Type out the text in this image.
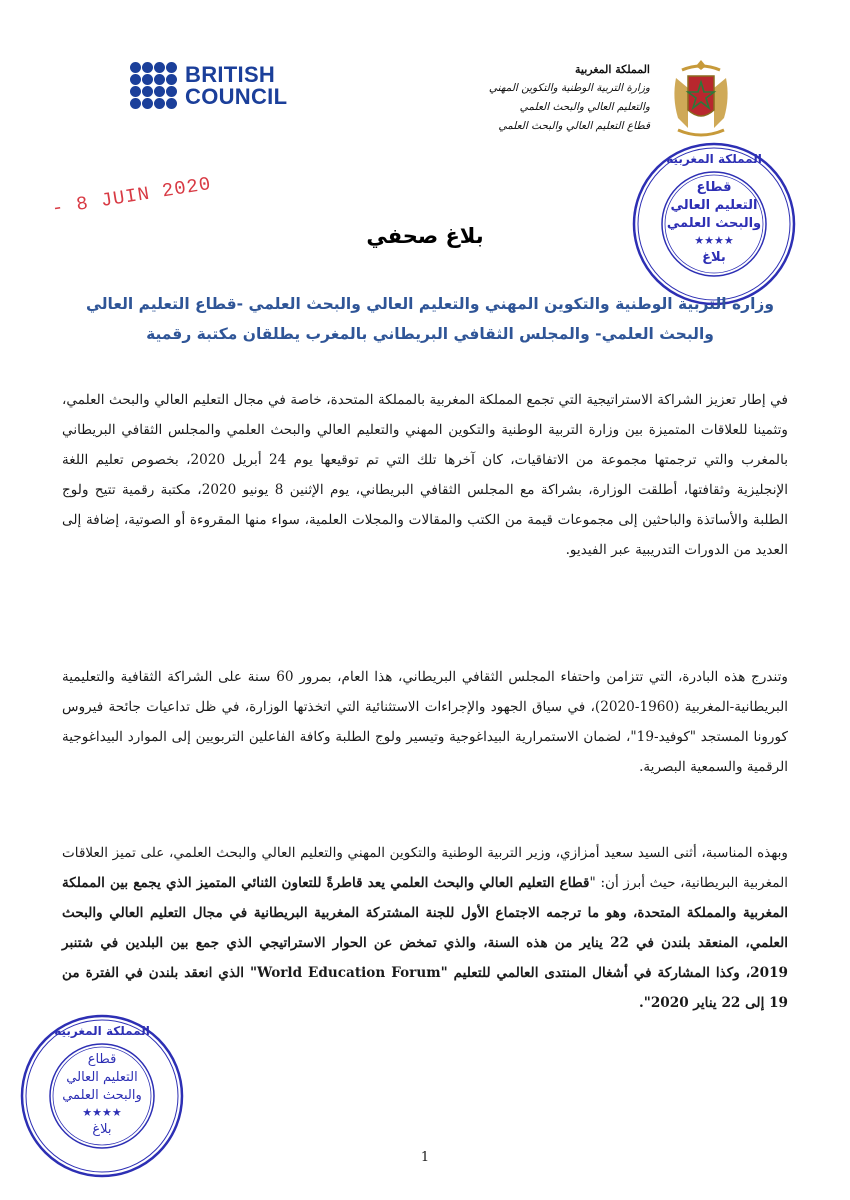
BRITISH
COUNCIL
المملكة المغربية
وزارة التربية الوطنية والتكوين المهني
والتعليم العالي والبحث العلمي
قطاع التعليم العالي والبحث العلمي
المملكة المغربية
قطاع
التعليم العالي
والبحث العلمي
★★★★
بلاغ
المملكة المغربية
قطاع
التعليم العالي
والبحث العلمي
★★★★
بلاغ
- 8 JUIN 2020
بلاغ صحفي
وزارة التربية الوطنية والتكوين المهني والتعليم العالي والبحث العلمي -قطاع التعليم العالي والبحث العلمي- والمجلس الثقافي البريطاني بالمغرب يطلقان مكتبة رقمية

في إطار تعزيز الشراكة الاستراتيجية التي تجمع المملكة المغربية بالمملكة المتحدة، خاصة في مجال التعليم العالي والبحث العلمي، وتثمينا للعلاقات المتميزة بين وزارة التربية الوطنية والتكوين المهني والتعليم العالي والبحث العلمي والمجلس الثقافي البريطاني بالمغرب والتي ترجمتها مجموعة من الاتفاقيات، كان آخرها تلك التي تم توقيعها يوم 24 أبريل 2020، بخصوص تعليم اللغة الإنجليزية وثقافتها، أطلقت الوزارة، بشراكة مع المجلس الثقافي البريطاني، يوم الإثنين 8 يونيو 2020، مكتبة رقمية تتيح ولوج الطلبة والأساتذة والباحثين إلى مجموعات قيمة من الكتب والمقالات والمجلات العلمية، سواء منها المقروءة أو الصوتية، إضافة إلى العديد من الدورات التدريبية عبر الفيديو.

وتندرج هذه البادرة، التي تتزامن واحتفاء المجلس الثقافي البريطاني، هذا العام، بمرور 60 سنة على الشراكة الثقافية والتعليمية البريطانية-المغربية (1960-2020)، في سياق الجهود والإجراءات الاستثنائية التي اتخذتها الوزارة، في ظل تداعيات جائحة فيروس كورونا المستجد "كوفيد-19"، لضمان الاستمرارية البيداغوجية وتيسير ولوج الطلبة وكافة الفاعلين التربويين إلى الموارد البيداغوجية الرقمية والسمعية البصرية.

وبهذه المناسبة، أثنى السيد سعيد أمزازي، وزير التربية الوطنية والتكوين المهني والتعليم العالي والبحث العلمي، على تميز العلاقات المغربية البريطانية، حيث أبرز أن: "قطاع التعليم العالي والبحث العلمي يعد قاطرةً للتعاون الثنائي المتميز الذي يجمع بين المملكة المغربية والمملكة المتحدة، وهو ما ترجمه الاجتماع الأول للجنة المشتركة المغربية البريطانية في مجال التعليم العالي والبحث العلمي، المنعقد بلندن في 22 يناير من هذه السنة، والذي تمخض عن الحوار الاستراتيجي الذي جمع بين البلدين في شتنبر 2019، وكذا المشاركة في أشغال المنتدى العالمي للتعليم "World Education Forum" الذي انعقد بلندن في الفترة من 19 إلى 22 يناير 2020".

1
